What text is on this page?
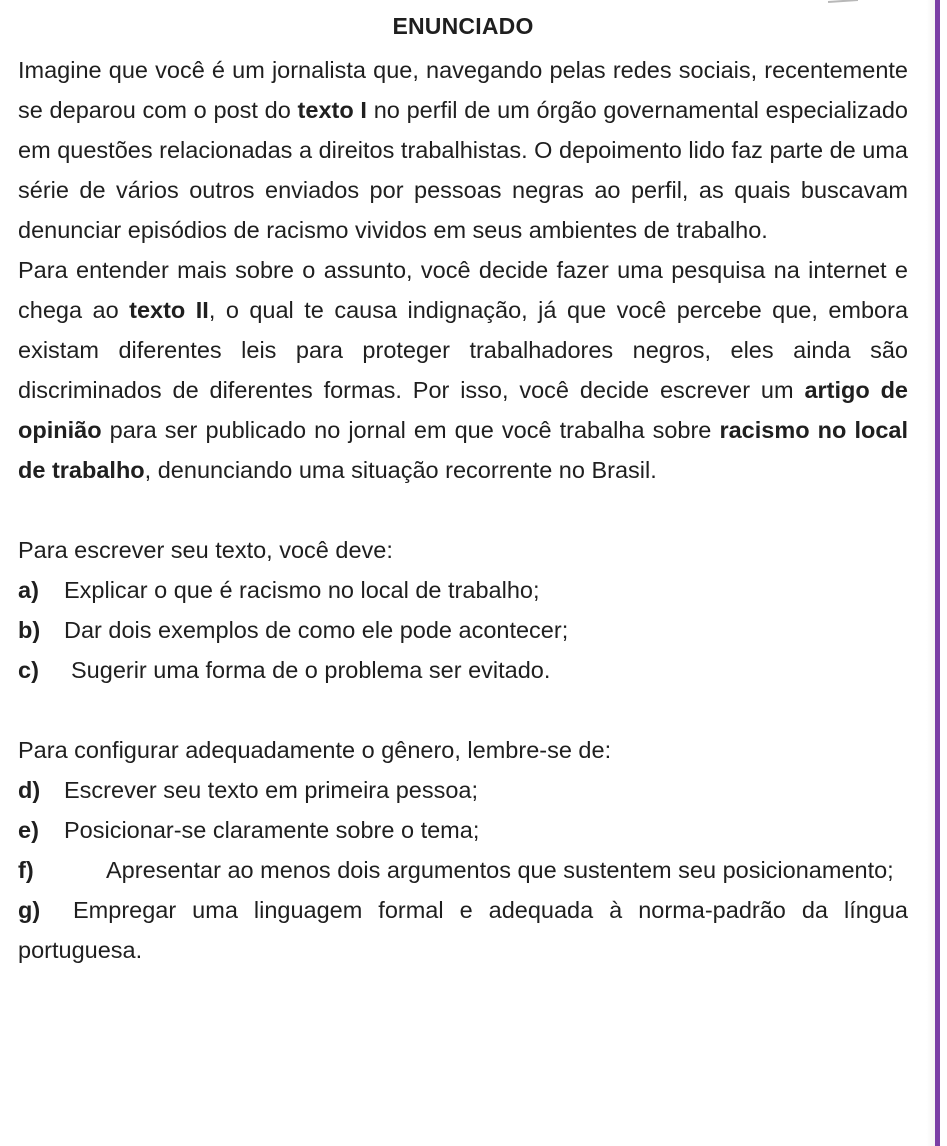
ENUNCIADO

Imagine que você é um jornalista que, navegando pelas redes sociais, recentemente se deparou com o post do texto I no perfil de um órgão governamental especializado em questões relacionadas a direitos trabalhistas. O depoimento lido faz parte de uma série de vários outros enviados por pessoas negras ao perfil, as quais buscavam denunciar episódios de racismo vividos em seus ambientes de trabalho.

Para entender mais sobre o assunto, você decide fazer uma pesquisa na internet e chega ao texto II, o qual te causa indignação, já que você percebe que, embora existam diferentes leis para proteger trabalhadores negros, eles ainda são discriminados de diferentes formas. Por isso, você decide escrever um artigo de opinião para ser publicado no jornal em que você trabalha sobre racismo no local de trabalho, denunciando uma situação recorrente no Brasil.

Para escrever seu texto, você deve:

a) Explicar o que é racismo no local de trabalho;

b) Dar dois exemplos de como ele pode acontecer;

c) Sugerir uma forma de o problema ser evitado.

Para configurar adequadamente o gênero, lembre-se de:

d) Escrever seu texto em primeira pessoa;

e) Posicionar-se claramente sobre o tema;

f)	Apresentar ao menos dois argumentos que sustentem seu posicionamento;

g) Empregar uma linguagem formal e adequada à norma-padrão da língua portuguesa.
